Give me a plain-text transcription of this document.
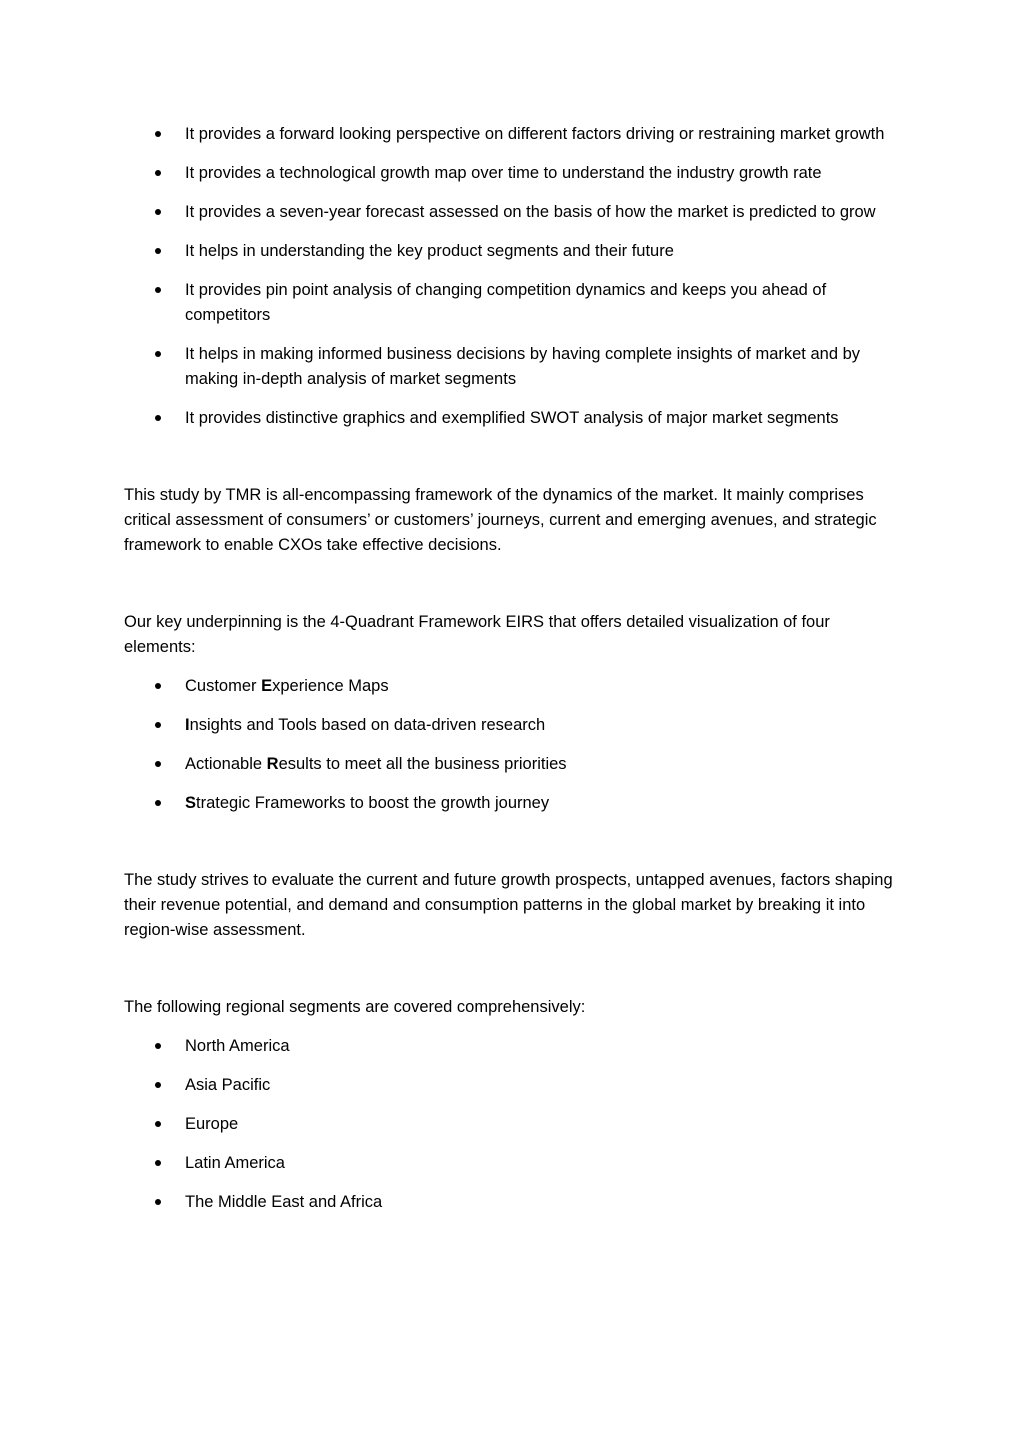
It provides a forward looking perspective on different factors driving or restraining market growth
It provides a technological growth map over time to understand the industry growth rate
It provides a seven-year forecast assessed on the basis of how the market is predicted to grow
It helps in understanding the key product segments and their future
It provides pin point analysis of changing competition dynamics and keeps you ahead of competitors
It helps in making informed business decisions by having complete insights of market and by making in-depth analysis of market segments
It provides distinctive graphics and exemplified SWOT analysis of major market segments

This study by TMR is all-encompassing framework of the dynamics of the market. It mainly comprises critical assessment of consumers’ or customers’ journeys, current and emerging avenues, and strategic framework to enable CXOs take effective decisions.

Our key underpinning is the 4-Quadrant Framework EIRS that offers detailed visualization of four elements:

Customer Experience Maps
Insights and Tools based on data-driven research
Actionable Results to meet all the business priorities
Strategic Frameworks to boost the growth journey

The study strives to evaluate the current and future growth prospects, untapped avenues, factors shaping their revenue potential, and demand and consumption patterns in the global market by breaking it into region-wise assessment.

The following regional segments are covered comprehensively:

North America
Asia Pacific
Europe
Latin America
The Middle East and Africa
